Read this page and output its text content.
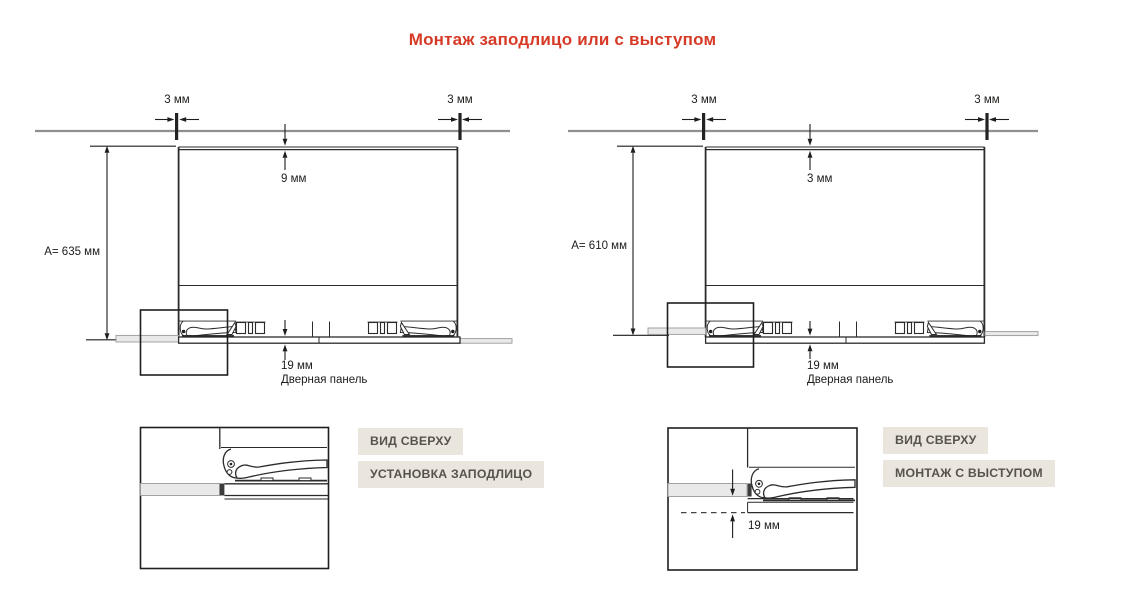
Монтаж заподлицо или с выступом
3 мм	3 мм
9 мм
A= 635 мм
19 мм
Дверная панель
3 мм	3 мм
3 мм
A= 610 мм
19 мм
Дверная панель
19 мм
ВИД СВЕРХУ
УСТАНОВКА ЗАПОДЛИЦО
ВИД СВЕРХУ
МОНТАЖ С ВЫСТУПОМ
